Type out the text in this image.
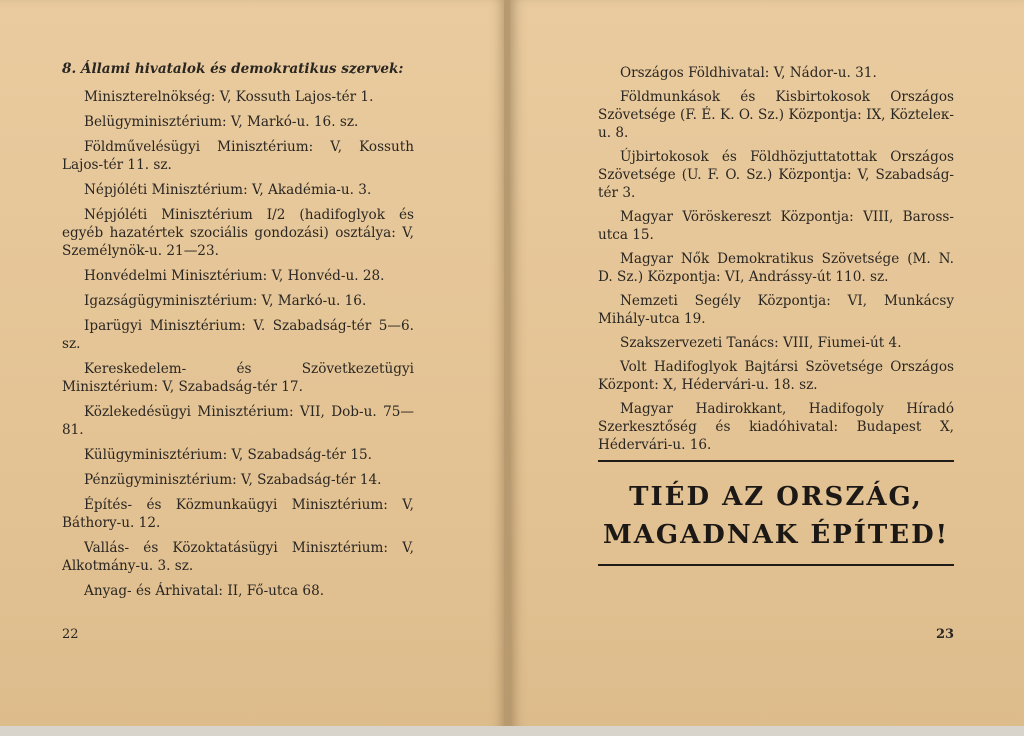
8. Állami hivatalok és demokratikus szervek:

Miniszterelnökség: V, Kossuth Lajos-tér 1.

Belügyminisztérium: V, Markó-u. 16. sz.

Földművelésügyi Minisztérium: V, Kossuth Lajos-tér 11. sz.

Népjóléti Minisztérium: V, Akadémia-u. 3.

Népjóléti Minisztérium I/2 (hadifoglyok és egyéb hazatértek szociális gondozási) osztálya: V, Személynök-u. 21—23.

Honvédelmi Minisztérium: V, Honvéd-u. 28.

Igazságügyminisztérium: V, Markó-u. 16.

Iparügyi Minisztérium: V. Szabadság-tér 5—6. sz.

Kereskedelem- és Szövetkezetügyi Minisztérium: V, Szabadság-tér 17.

Közlekedésügyi Minisztérium: VII, Dob-u. 75—81.

Külügyminisztérium: V, Szabadság-tér 15.

Pénzügyminisztérium: V, Szabadság-tér 14.

Építés- és Közmunkaügyi Minisztérium: V, Báthory-u. 12.

Vallás- és Közoktatásügyi Minisztérium: V, Alkotmány-u. 3. sz.

Anyag- és Árhivatal: II, Fő-utca 68.

22

Országos Földhivatal: V, Nádor-u. 31.

Földmunkások és Kisbirtokosok Országos Szövetsége (F. É. K. O. Sz.) Központja: IX, Közteleк-u. 8.

Újbirtokosok és Földhözjuttatottak Országos Szövetsége (U. F. O. Sz.) Központja: V, Szabadság-tér 3.

Magyar Vöröskereszt Központja: VIII, Baross-utca 15.

Magyar Nők Demokratikus Szövetsége (M. N. D. Sz.) Központja: VI, Andrássy-út 110. sz.

Nemzeti Segély Központja: VI, Munkácsy Mihály-utca 19.

Szakszervezeti Tanács: VIII, Fiumei-út 4.

Volt Hadifoglyok Bajtársi Szövetsége Országos Központ: X, Hédervári-u. 18. sz.

Magyar Hadirokkant, Hadifogoly Híradó Szerkesztőség és kiadóhivatal: Budapest X, Hédervári-u. 16.

TIÉD AZ ORSZÁG,
MAGADNAK ÉPÍTED!
23
